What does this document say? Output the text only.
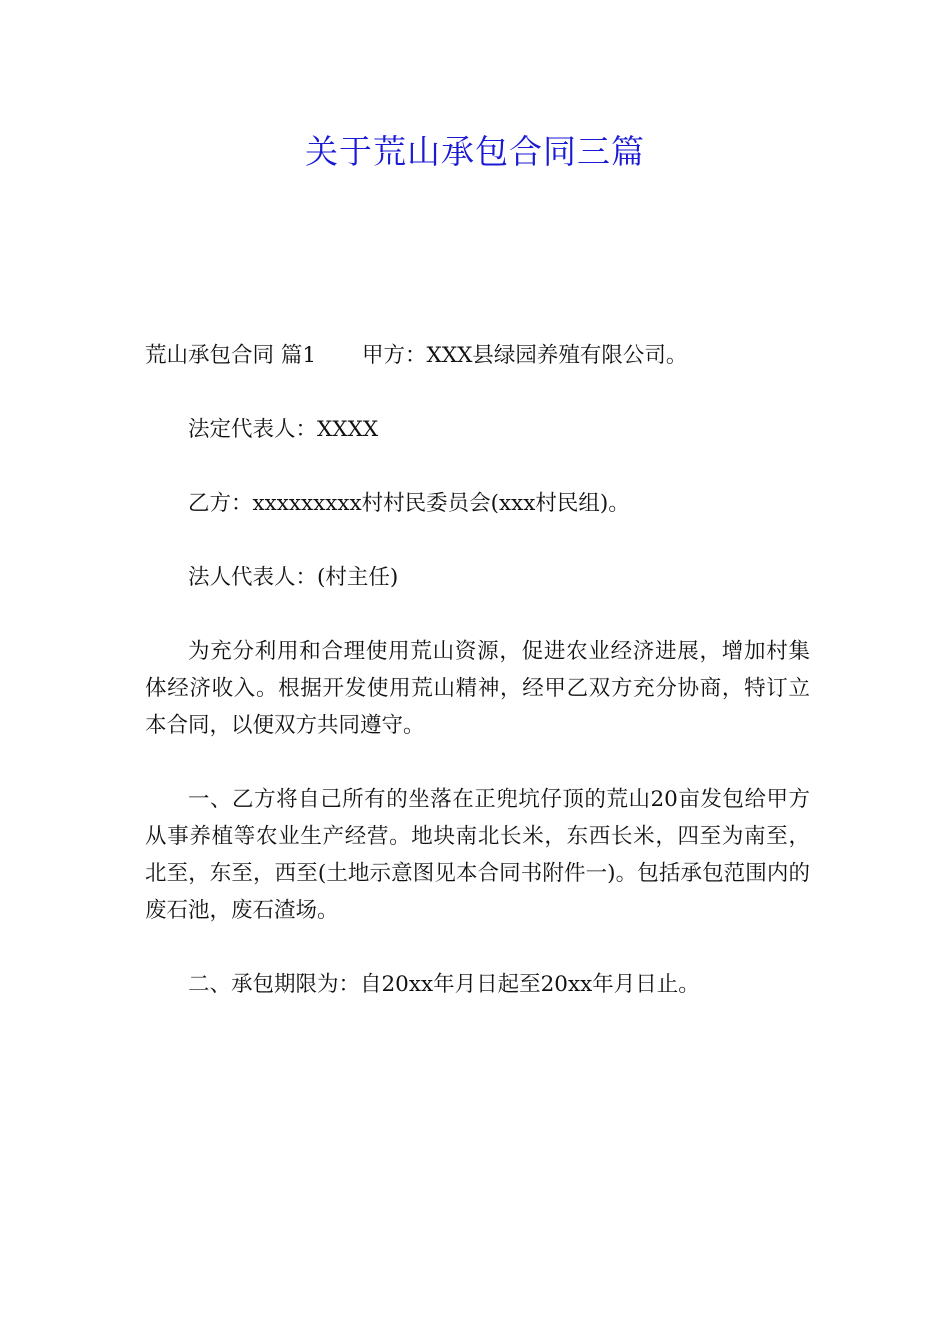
关于荒山承包合同三篇

荒山承包合同 篇1 甲方：XXX县绿园养殖有限公司。

法定代表人：XXXX

乙方：xxxxxxxxx村村民委员会(xxx村民组)。

法人代表人：(村主任)

为充分利用和合理使用荒山资源，促进农业经济进展，增加村集体经济收入。根据开发使用荒山精神，经甲乙双方充分协商，特订立本合同，以便双方共同遵守。

一、乙方将自己所有的坐落在正兜坑仔顶的荒山20亩发包给甲方从事养植等农业生产经营。地块南北长米，东西长米，四至为南至，北至，东至，西至(土地示意图见本合同书附件一)。包括承包范围内的废石池，废石渣场。

二、承包期限为：自20xx年月日起至20xx年月日止。
